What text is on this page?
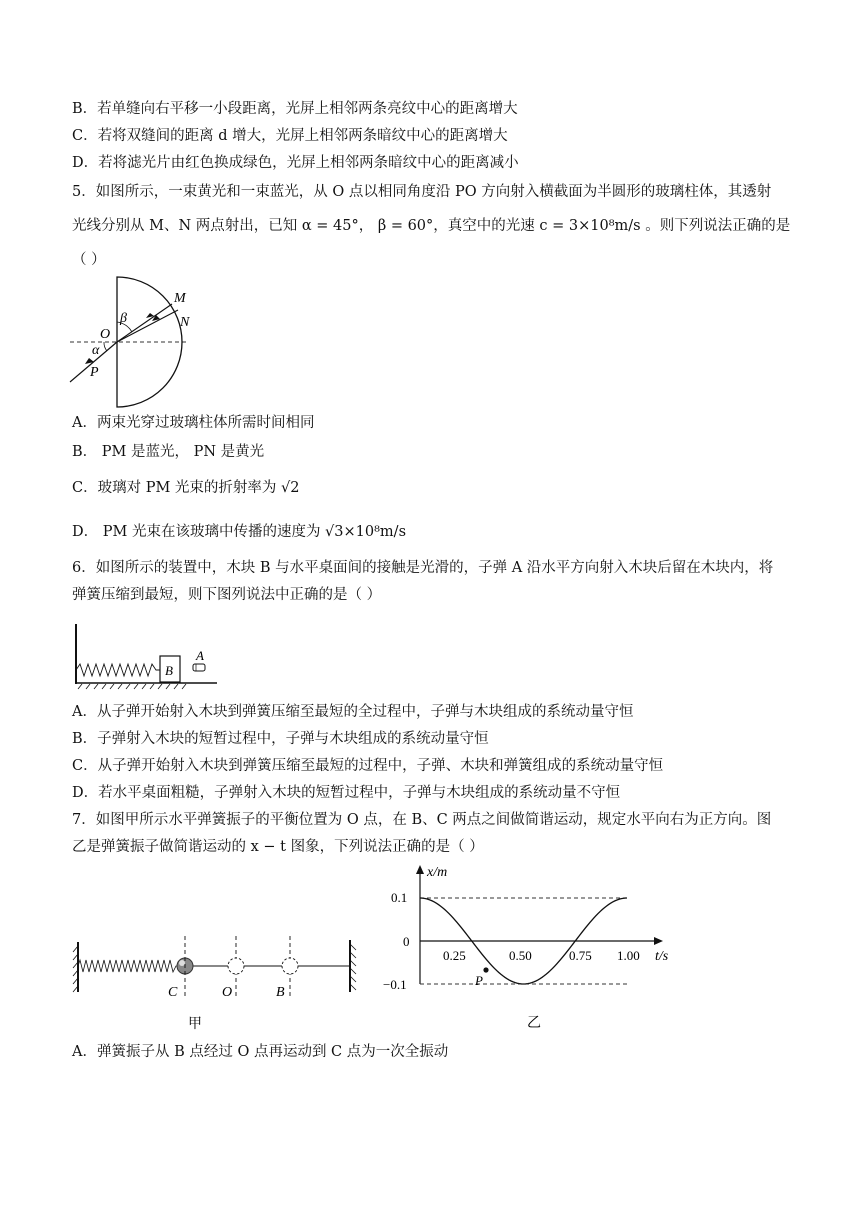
B．若单缝向右平移一小段距离，光屏上相邻两条亮纹中心的距离增大
C．若将双缝间的距离 d 增大，光屏上相邻两条暗纹中心的距离增大
D．若将滤光片由红色换成绿色，光屏上相邻两条暗纹中心的距离减小
5．如图所示，一束黄光和一束蓝光，从 O 点以相同角度沿 PO 方向射入横截面为半圆形的玻璃柱体，其透射
光线分别从 M、N 两点射出，已知 α = 45°， β = 60°，真空中的光速 c = 3×10⁸m/s 。则下列说法正确的是
（ ）
M
N
O
P
α
β
A．两束光穿过玻璃柱体所需时间相同
B． PM 是蓝光， PN 是黄光
C．玻璃对 PM 光束的折射率为 √2
D． PM 光束在该玻璃中传播的速度为 √3×10⁸m/s
6．如图所示的装置中，木块 B 与水平桌面间的接触是光滑的，子弹 A 沿水平方向射入木块后留在木块内，将
弹簧压缩到最短，则下图列说法中正确的是（ ）
B
A
A．从子弹开始射入木块到弹簧压缩至最短的全过程中，子弹与木块组成的系统动量守恒
B．子弹射入木块的短暂过程中，子弹与木块组成的系统动量守恒
C．从子弹开始射入木块到弹簧压缩至最短的过程中，子弹、木块和弹簧组成的系统动量守恒
D．若水平桌面粗糙，子弹射入木块的短暂过程中，子弹与木块组成的系统动量不守恒
7．如图甲所示水平弹簧振子的平衡位置为 O 点，在 B、C 两点之间做简谐运动，规定水平向右为正方向。图
乙是弹簧振子做简谐运动的 x − t 图象，下列说法正确的是（ ）
C	O	B
甲
P
x/m
t/s
0.1
0
−0.1
0.25	0.50	0.75 1.00
乙
A．弹簧振子从 B 点经过 O 点再运动到 C 点为一次全振动
